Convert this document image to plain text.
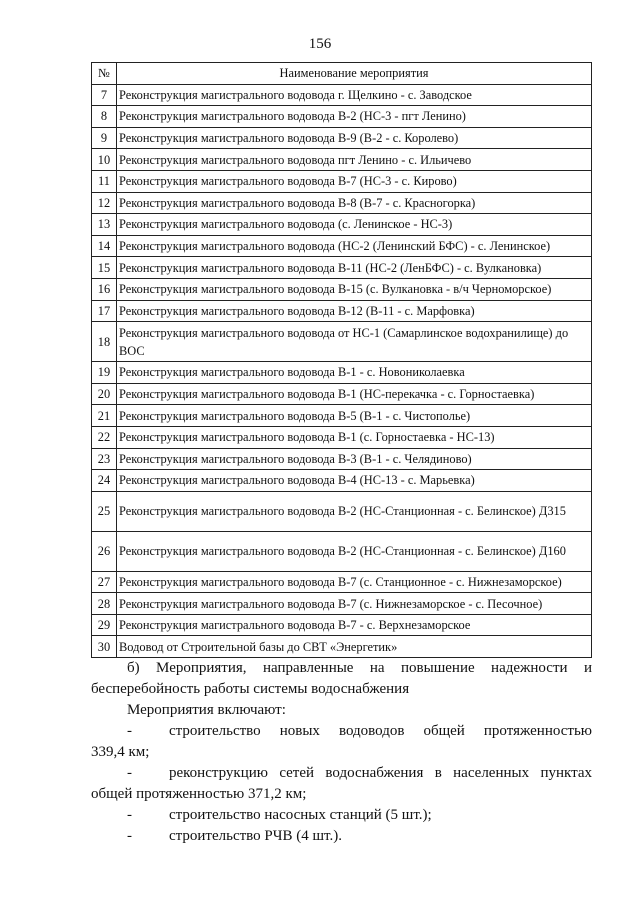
156
№	Наименование мероприятия
7	Реконструкция магистрального водовода г. Щелкино - с. Заводское
8	Реконструкция магистрального водовода В-2 (НС-3 - пгт Ленино)
9	Реконструкция магистрального водовода В-9 (В-2 - с. Королево)
10	Реконструкция магистрального водовода пгт Ленино - с. Ильичево
11	Реконструкция магистрального водовода В-7 (НС-3 - с. Кирово)
12	Реконструкция магистрального водовода В-8 (В-7 - с. Красногорка)
13	Реконструкция магистрального водовода (с. Ленинское - НС-3)
14	Реконструкция магистрального водовода (НС-2 (Ленинский БФС) - с. Ленинское)
15	Реконструкция магистрального водовода В-11 (НС-2 (ЛенБФС) - с. Вулкановка)
16	Реконструкция магистрального водовода В-15 (с. Вулкановка - в/ч Черноморское)
17	Реконструкция магистрального водовода В-12 (В-11 - с. Марфовка)
18	Реконструкция магистрального водовода от НС-1 (Самарлинское водохранилище) до ВОС
19	Реконструкция магистрального водовода В-1 - с. Новониколаевка
20	Реконструкция магистрального водовода В-1 (НС-перекачка - с. Горностаевка)
21	Реконструкция магистрального водовода В-5 (В-1 - с. Чистополье)
22	Реконструкция магистрального водовода В-1 (с. Горностаевка - НС-13)
23	Реконструкция магистрального водовода В-3 (В-1 - с. Челядиново)
24	Реконструкция магистрального водовода В-4 (НС-13 - с. Марьевка)
25	Реконструкция магистрального водовода В-2 (НС-Станционная - с. Белинское) Д315
26	Реконструкция магистрального водовода В-2 (НС-Станционная - с. Белинское) Д160
27	Реконструкция магистрального водовода В-7 (с. Станционное - с. Нижнезаморское)
28	Реконструкция магистрального водовода В-7 (с. Нижнезаморское - с. Песочное)
29	Реконструкция магистрального водовода В-7 - с. Верхнезаморское
30	Водовод от Строительной базы до СВТ «Энергетик»

б) Мероприятия, направленные на повышение надежности и

бесперебойность работы системы водоснабжения

Мероприятия включают:

-	строительство новых водоводов общей протяженностью

339,4 км;

-	реконструкцию сетей водоснабжения в населенных пунктах

общей протяженностью 371,2 км;

-	строительство насосных станций (5 шт.);
-	строительство РЧВ (4 шт.).
